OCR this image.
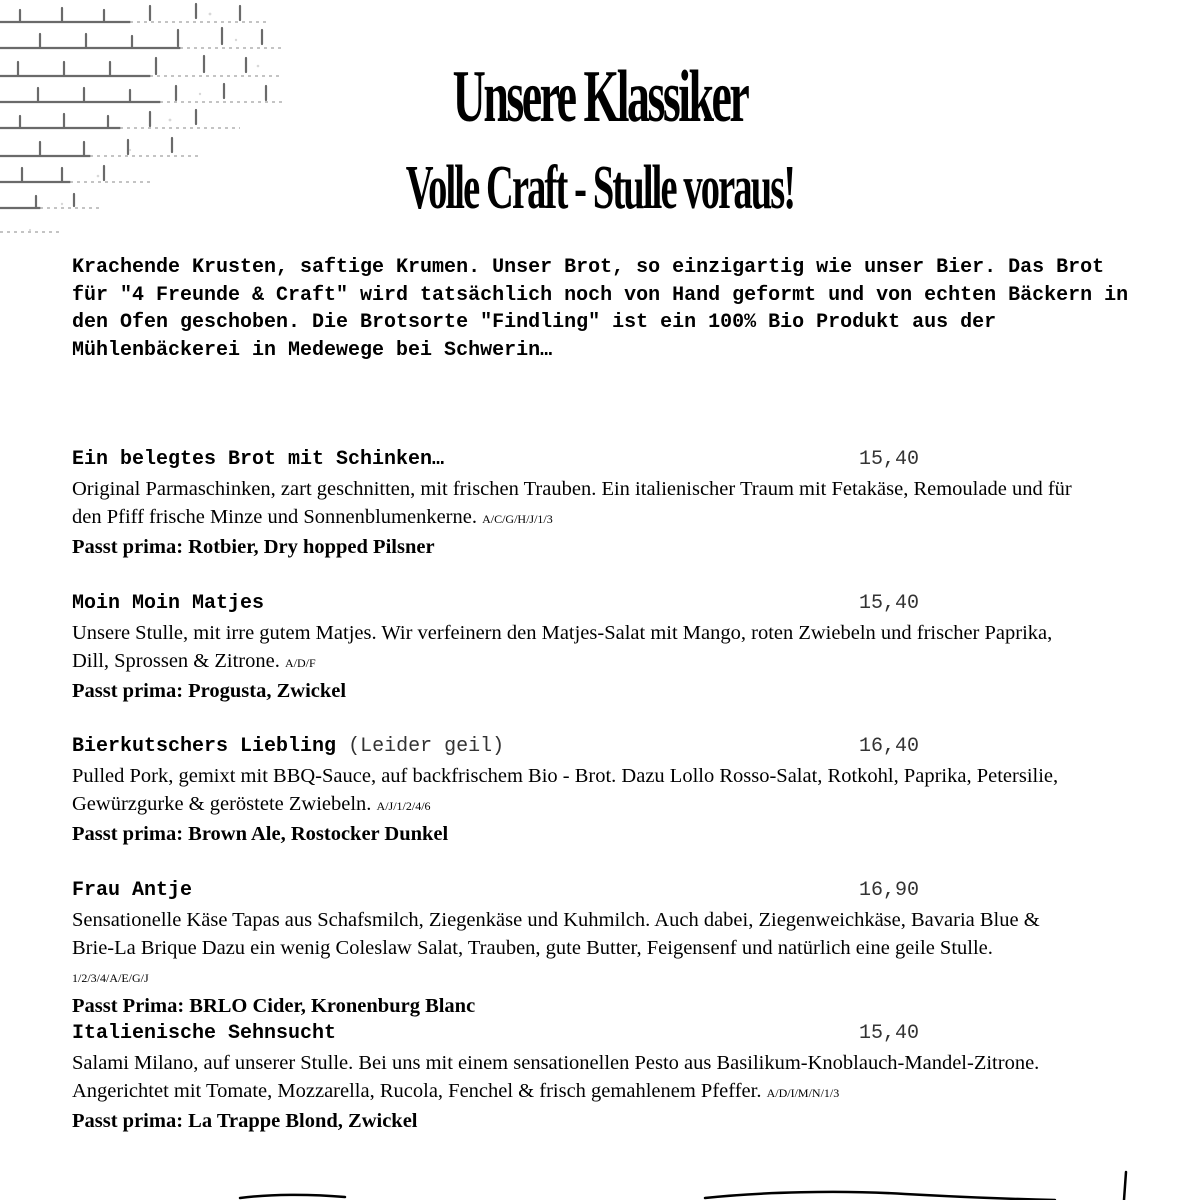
Unsere Klassiker
Volle Craft - Stulle voraus!

Krachende Krusten, saftige Krumen. Unser Brot, so einzigartig wie unser Bier. Das Brot für "4 Freunde & Craft" wird tatsächlich noch von Hand geformt und von echten Bäckern in den Ofen geschoben. Die Brotsorte "Findling" ist ein 100% Bio Produkt aus der Mühlenbäckerei in Medewege bei Schwerin…

Ein belegtes Brot mit Schinken…	15,40

Original Parmaschinken, zart geschnitten, mit frischen Trauben. Ein italienischer Traum mit Fetakäse, Remoulade und für den Pfiff frische Minze und Sonnenblumenkerne. A/C/G/H/J/1/3

Passt prima: Rotbier, Dry hopped Pilsner
Moin Moin Matjes	15,40

Unsere Stulle, mit irre gutem Matjes. Wir verfeinern den Matjes-Salat mit Mango, roten Zwiebeln und frischer Paprika, Dill, Sprossen & Zitrone. A/D/F

Passt prima: Progusta, Zwickel
Bierkutschers Liebling (Leider geil)	16,40

Pulled Pork, gemixt mit BBQ-Sauce, auf backfrischem Bio - Brot. Dazu Lollo Rosso-Salat, Rotkohl, Paprika, Petersilie, Gewürzgurke & geröstete Zwiebeln. A/J/1/2/4/6

Passt prima: Brown Ale, Rostocker Dunkel
Frau Antje	16,90

Sensationelle Käse Tapas aus Schafsmilch, Ziegenkäse und Kuhmilch. Auch dabei, Ziegenweichkäse, Bavaria Blue & Brie-La Brique Dazu ein wenig Coleslaw Salat, Trauben, gute Butter, Feigensenf und natürlich eine geile Stulle. 1/2/3/4/A/E/G/J

Passt Prima: BRLO Cider, Kronenburg Blanc
Italienische Sehnsucht	15,40

Salami Milano, auf unserer Stulle. Bei uns mit einem sensationellen Pesto aus Basilikum-Knoblauch-Mandel-Zitrone. Angerichtet mit Tomate, Mozzarella, Rucola, Fenchel & frisch gemahlenem Pfeffer. A/D/I/M/N/1/3

Passt prima: La Trappe Blond, Zwickel
